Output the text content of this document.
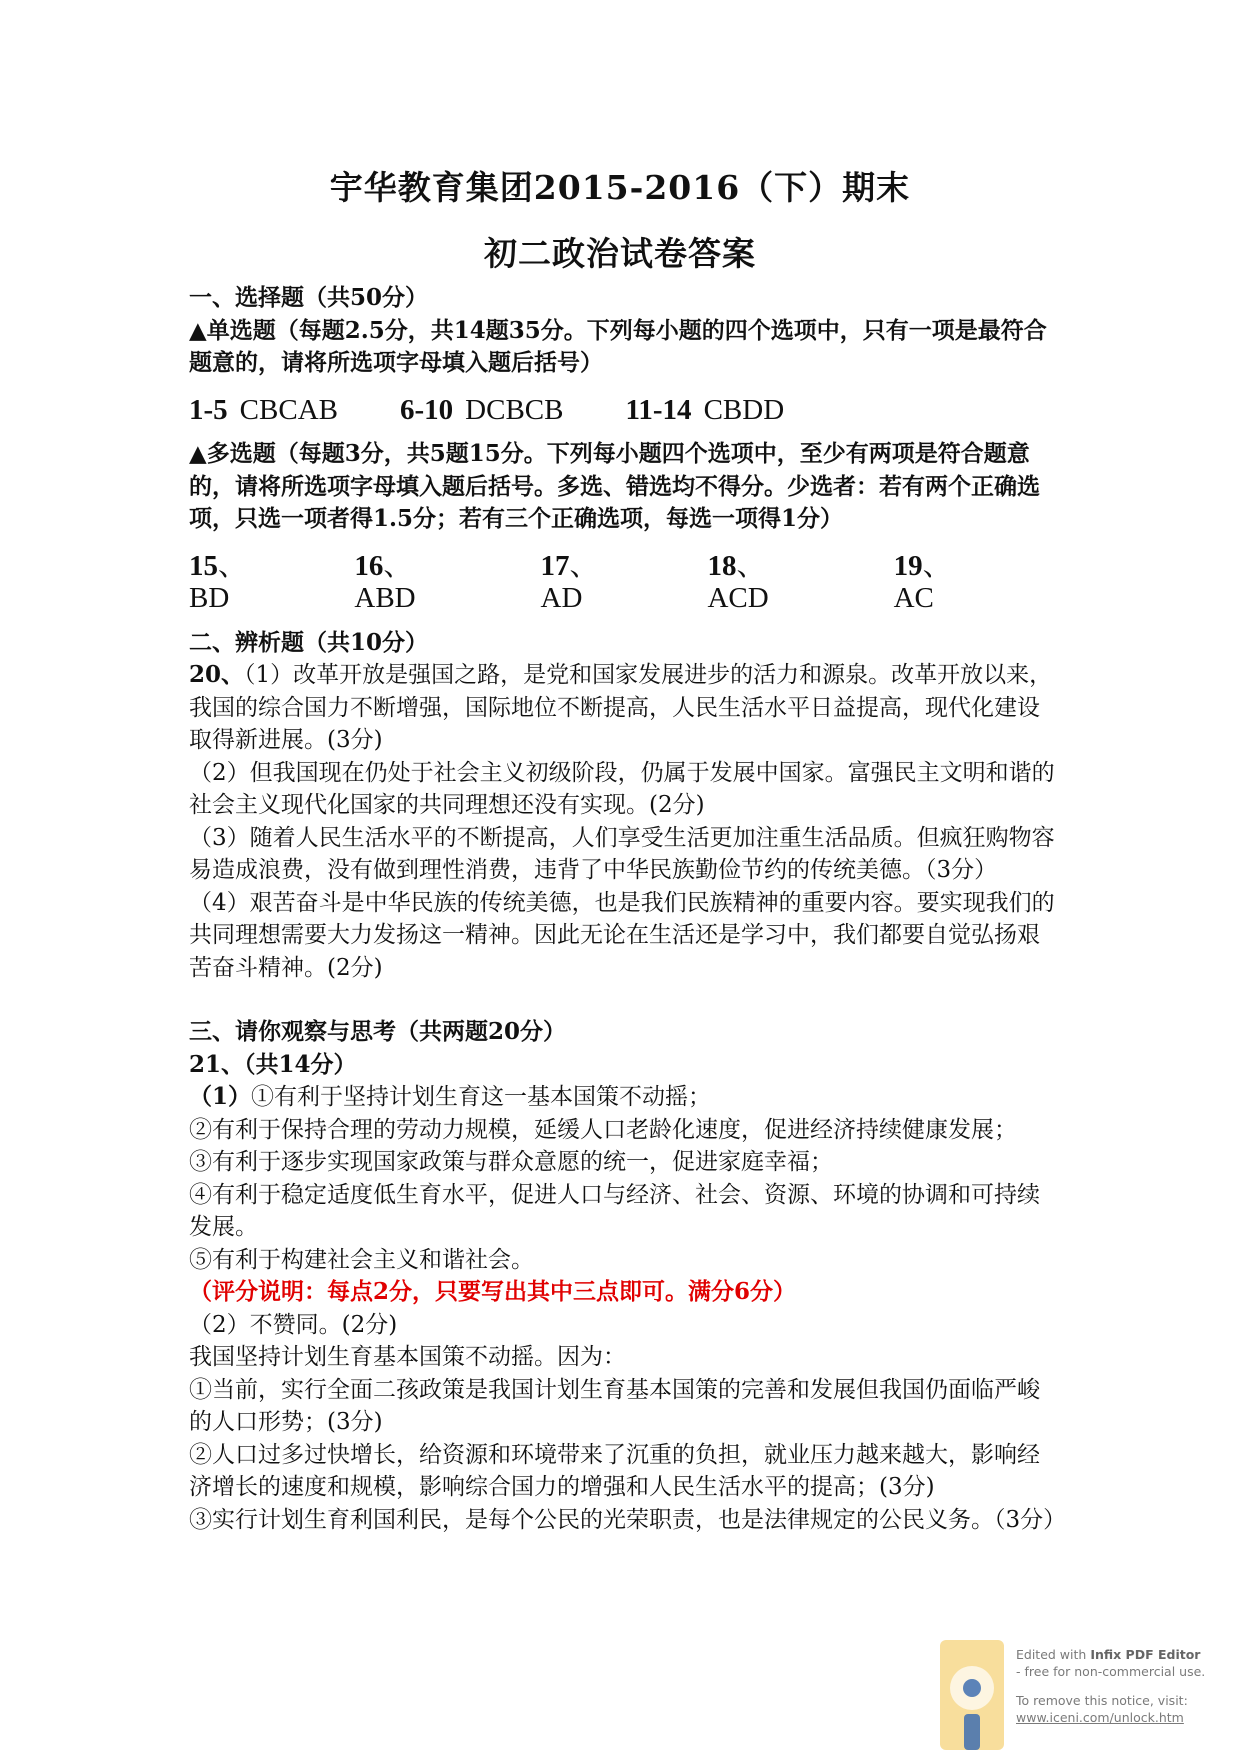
宇华教育集团2015-2016（下）期末
初二政治试卷答案

一、选择题（共50分）

▲单选题（每题2.5分，共14题35分。下列每小题的四个选项中，只有一项是最符合题意的，请将所选项字母填入题后括号）

1-5 CBCAB 6-10 DCBCB 11-14 CBDD

▲多选题（每题3分，共5题15分。下列每小题四个选项中，至少有两项是符合题意的，请将所选项字母填入题后括号。多选、错选均不得分。少选者：若有两个正确选项，只选一项者得1.5分；若有三个正确选项，每选一项得1分）

15、BD
16、ABD
17、AD
18、ACD
19、AC

二、辨析题（共10分）

20、（1）改革开放是强国之路，是党和国家发展进步的活力和源泉。改革开放以来，我国的综合国力不断增强，国际地位不断提高，人民生活水平日益提高，现代化建设取得新进展。(3分)

（2）但我国现在仍处于社会主义初级阶段，仍属于发展中国家。富强民主文明和谐的社会主义现代化国家的共同理想还没有实现。(2分)

（3）随着人民生活水平的不断提高，人们享受生活更加注重生活品质。但疯狂购物容易造成浪费，没有做到理性消费，违背了中华民族勤俭节约的传统美德。（3分）

（4）艰苦奋斗是中华民族的传统美德，也是我们民族精神的重要内容。要实现我们的共同理想需要大力发扬这一精神。因此无论在生活还是学习中，我们都要自觉弘扬艰苦奋斗精神。(2分)

三、请你观察与思考（共两题20分）

21、（共14分）

（1）①有利于坚持计划生育这一基本国策不动摇；

②有利于保持合理的劳动力规模，延缓人口老龄化速度，促进经济持续健康发展；

③有利于逐步实现国家政策与群众意愿的统一，促进家庭幸福；

④有利于稳定适度低生育水平，促进人口与经济、社会、资源、环境的协调和可持续发展。

⑤有利于构建社会主义和谐社会。

（评分说明：每点2分，只要写出其中三点即可。满分6分）

（2）不赞同。(2分)

我国坚持计划生育基本国策不动摇。因为：

①当前，实行全面二孩政策是我国计划生育基本国策的完善和发展但我国仍面临严峻的人口形势；(3分)

②人口过多过快增长，给资源和环境带来了沉重的负担，就业压力越来越大，影响经济增长的速度和规模，影响综合国力的增强和人民生活水平的提高；(3分)

③实行计划生育利国利民，是每个公民的光荣职责，也是法律规定的公民义务。（3分）

Edited with Infix PDF Editor
- free for non-commercial use.
To remove this notice, visit:
www.iceni.com/unlock.htm
